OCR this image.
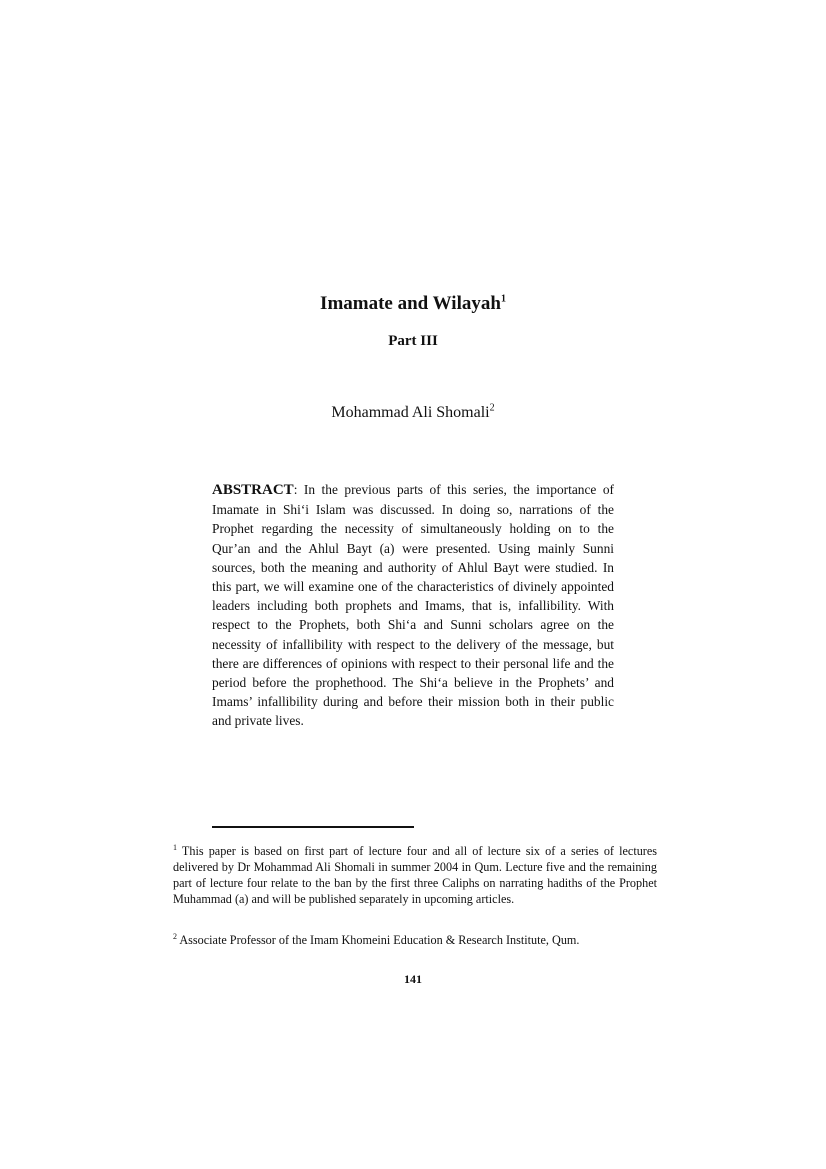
Imamate and Wilayah$^1$
Part III
Mohammad Ali Shomali$^2$
ABSTRACT: In the previous parts of this series, the importance of Imamate in Shi‘i Islam was discussed. In doing so, narrations of the Prophet regarding the necessity of simultaneously holding on to the Qur’an and the Ahlul Bayt (a) were presented. Using mainly Sunni sources, both the meaning and authority of Ahlul Bayt were studied. In this part, we will examine one of the characteristics of divinely appointed leaders including both prophets and Imams, that is, infallibility. With respect to the Prophets, both Shi‘a and Sunni scholars agree on the necessity of infallibility with respect to the delivery of the message, but there are differences of opinions with respect to their personal life and the period before the prophethood. The Shi‘a believe in the Prophets’ and Imams’ infallibility during and before their mission both in their public and private lives.
$^1$ This paper is based on first part of lecture four and all of lecture six of a series of lectures delivered by Dr Mohammad Ali Shomali in summer 2004 in Qum. Lecture five and the remaining part of lecture four relate to the ban by the first three Caliphs on narrating hadiths of the Prophet Muhammad (a) and will be published separately in upcoming articles.
$^2$ Associate Professor of the Imam Khomeini Education & Research Institute, Qum.
141
